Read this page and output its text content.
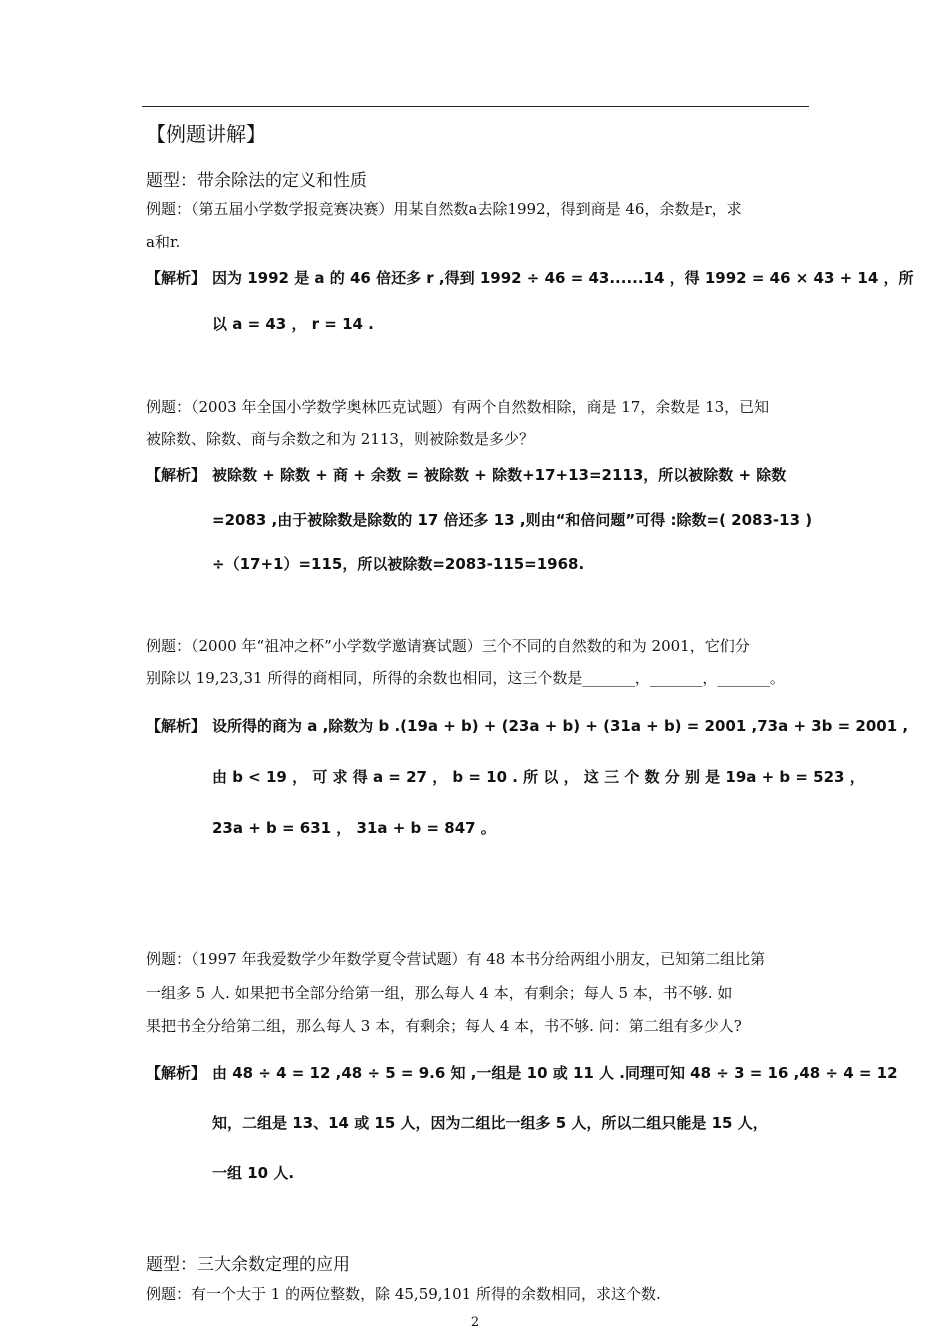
【例题讲解】
题型：带余除法的定义和性质
例题：（第五届小学数学报竞赛决赛）用某自然数a去除1992，得到商是 46，余数是r，求
a和r.
【解析】 因为 1992 是 a 的 46 倍还多 r ,得到 1992 ÷ 46 = 43......14 ，得 1992 = 46 × 43 + 14 ，所
以 a = 43 ， r = 14 .
例题：（2003 年全国小学数学奥林匹克试题）有两个自然数相除，商是 17，余数是 13，已知
被除数、除数、商与余数之和为 2113，则被除数是多少？
【解析】 被除数 + 除数 + 商 + 余数 = 被除数 + 除数+17+13=2113，所以被除数 + 除数
=2083 ,由于被除数是除数的 17 倍还多 13 ,则由“和倍问题”可得 :除数=( 2083-13 )
÷（17+1）=115，所以被除数=2083-115=1968.
例题：（2000 年“祖冲之杯”小学数学邀请赛试题）三个不同的自然数的和为 2001，它们分
别除以 19,23,31 所得的商相同，所得的余数也相同，这三个数是_______，_______，_______。
【解析】 设所得的商为 a ,除数为 b .(19a + b) + (23a + b) + (31a + b) = 2001 ,73a + 3b = 2001 ,
由 b < 19 ， 可 求 得 a = 27 ， b = 10 . 所 以 ， 这 三 个 数 分 别 是 19a + b = 523 ，
23a + b = 631 ， 31a + b = 847 。
例题：（1997 年我爱数学少年数学夏令营试题）有 48 本书分给两组小朋友，已知第二组比第
一组多 5 人. 如果把书全部分给第一组，那么每人 4 本，有剩余；每人 5 本，书不够. 如
果把书全分给第二组，那么每人 3 本，有剩余；每人 4 本，书不够. 问：第二组有多少人?
【解析】 由 48 ÷ 4 = 12 ,48 ÷ 5 = 9.6 知 ,一组是 10 或 11 人 .同理可知 48 ÷ 3 = 16 ,48 ÷ 4 = 12
知，二组是 13、14 或 15 人，因为二组比一组多 5 人，所以二组只能是 15 人，
一组 10 人.
题型：三大余数定理的应用
例题：有一个大于 1 的两位整数，除 45,59,101 所得的余数相同，求这个数.
2
